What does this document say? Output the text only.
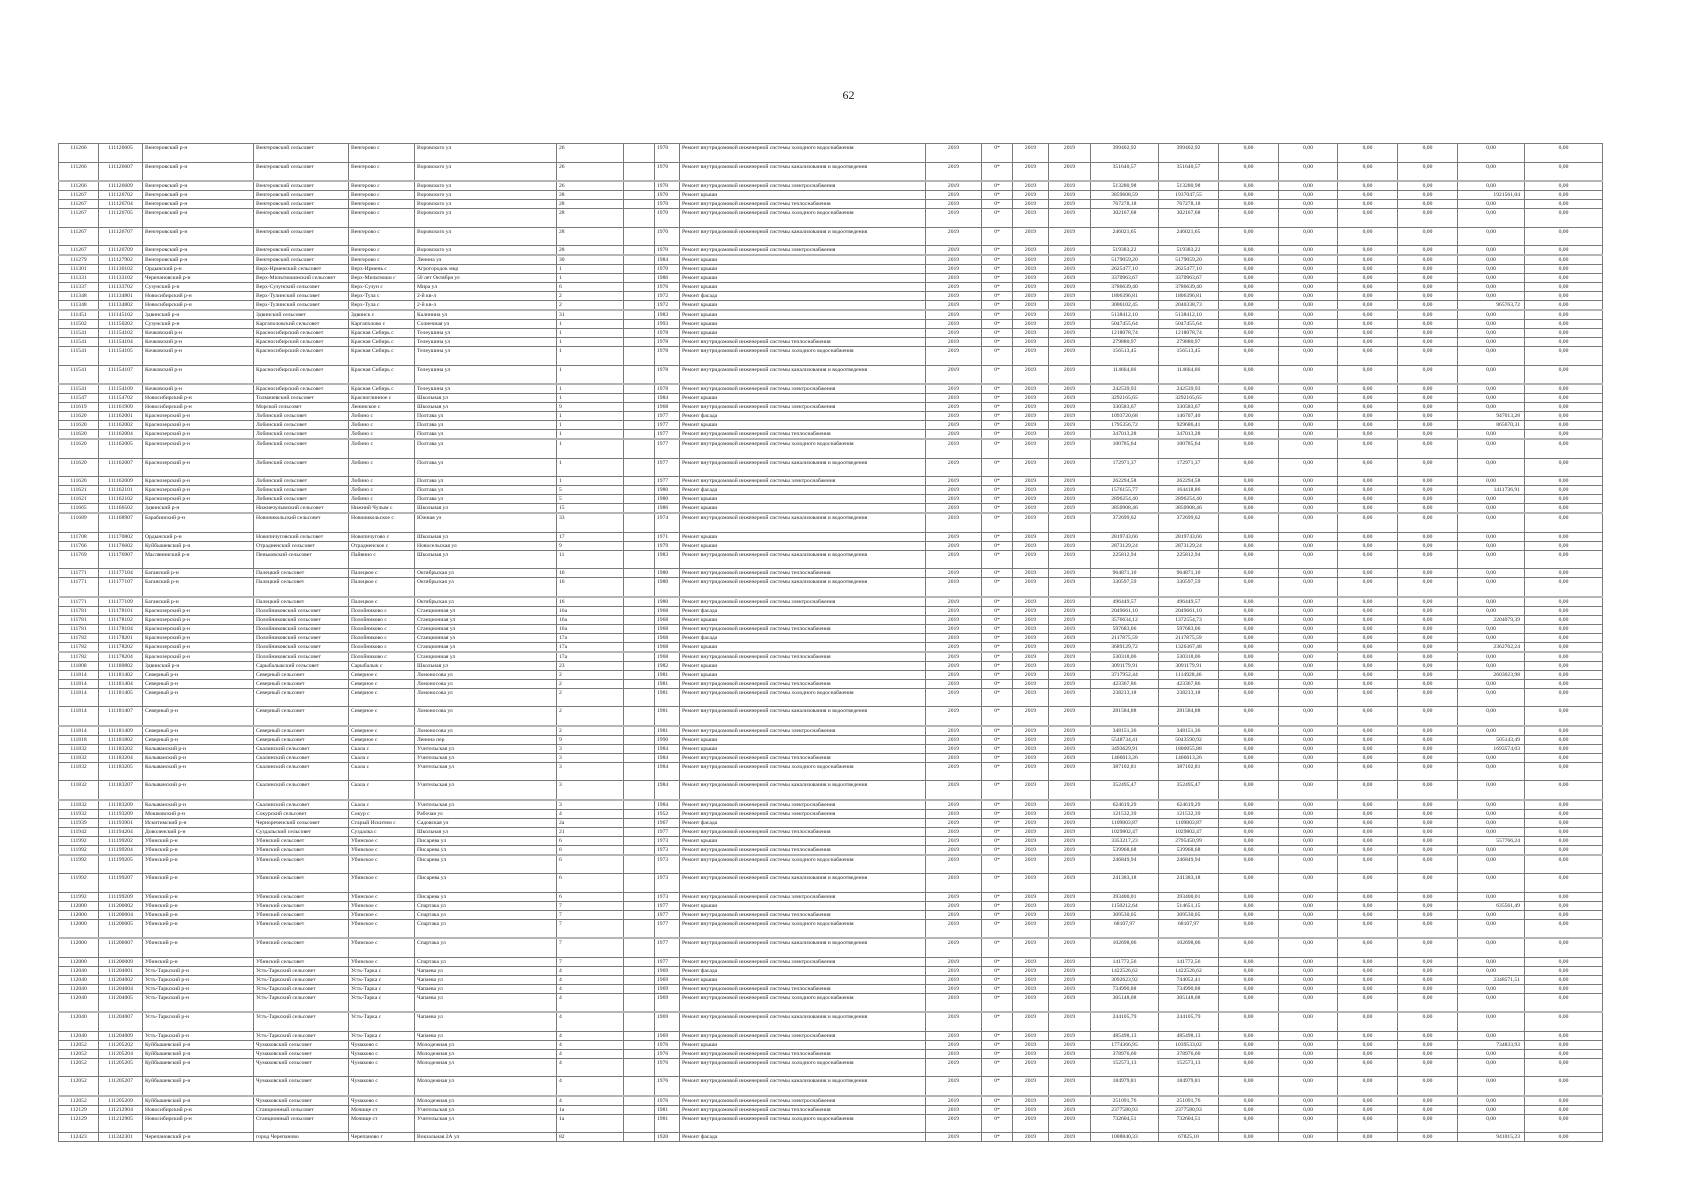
62
111266	111126605	Венгеровский р-н	Венгеровский сельсовет	Венгерово с	Воровского ул	26		1970	Ремонт внутридомовой инженерной системы холодного водоснабжения	2019	0*	2019	2019	399402,92	399402,92	0,00	0,00	0,00	0,00	0,00	0,00
111266	111126607	Венгеровский р-н	Венгеровский сельсовет	Венгерово с	Воровского ул	26		1970	Ремонт внутридомовой инженерной системы канализования и водоотведения	2019	0*	2019	2019	351640,57	351640,57	0,00	0,00	0,00	0,00	0,00	0,00
111266	111126609	Венгеровский р-н	Венгеровский сельсовет	Венгерово с	Воровского ул	26		1970	Ремонт внутридомовой инженерной системы электроснабжения	2019	0*	2019	2019	513280,98	513280,98	0,00	0,00	0,00	0,00	0,00	0,00
111267	111126702	Венгеровский р-н	Венгеровский сельсовет	Венгерово с	Воровского ул	28		1970	Ремонт крыши	2019	0*	2019	2019	3859608,59	1937047,55	0,00	0,00	0,00	0,00	1921561,04	0,00
111267	111126704	Венгеровский р-н	Венгеровский сельсовет	Венгерово с	Воровского ул	28		1970	Ремонт внутридомовой инженерной системы теплоснабжения	2019	0*	2019	2019	767278,18	767278,18	0,00	0,00	0,00	0,00	0,00	0,00
111267	111126705	Венгеровский р-н	Венгеровский сельсовет	Венгерово с	Воровского ул	28		1970	Ремонт внутридомовой инженерной системы холодного водоснабжения	2019	0*	2019	2019	302167,68	302167,68	0,00	0,00	0,00	0,00	0,00	0,00
111267	111126707	Венгеровский р-н	Венгеровский сельсовет	Венгерово с	Воровского ул	28		1970	Ремонт внутридомовой инженерной системы канализования и водоотведения	2019	0*	2019	2019	246021,65	246021,65	0,00	0,00	0,00	0,00	0,00	0,00
111267	111126709	Венгеровский р-н	Венгеровский сельсовет	Венгерово с	Воровского ул	28		1970	Ремонт внутридомовой инженерной системы электроснабжения	2019	0*	2019	2019	519383,22	519383,22	0,00	0,00	0,00	0,00	0,00	0,00
111279	111127902	Венгеровский р-н	Венгеровский сельсовет	Венгерово с	Ленина ул	30		1984	Ремонт крыши	2019	0*	2019	2019	5179059,20	5179059,20	0,00	0,00	0,00	0,00	0,00	0,00
111301	111130102	Ордынский р-н	Верх-Ирменский сельсовет	Верх-Ирмень с	Агрогородок мкр	1		1970	Ремонт крыши	2019	0*	2019	2019	2625477,10	2625477,10	0,00	0,00	0,00	0,00	0,00	0,00
111331	111133102	Черепановский р-н	Верх-Мильтюшинский сельсовет	Верх-Мильтюши с	50 лет Октября ул	1		1986	Ремонт крыши	2019	0*	2019	2019	3370963,67	3370963,67	0,00	0,00	0,00	0,00	0,00	0,00
111337	111133702	Сузунский р-н	Верх-Сузунский сельсовет	Верх-Сузун с	Мира ул	6		1976	Ремонт крыши	2019	0*	2019	2019	3786639,40	3786639,40	0,00	0,00	0,00	0,00	0,00	0,00
111348	111134801	Новосибирский р-н	Верх-Тулинский сельсовет	Верх-Тула с	2-й кв-л	2		1972	Ремонт фасада	2019	0*	2019	2019	1806396,81	1806396,81	0,00	0,00	0,00	0,00	0,00	0,00
111348	111134802	Новосибирский р-н	Верх-Тулинский сельсовет	Верх-Тула с	2-й кв-л	2		1972	Ремонт крыши	2019	0*	2019	2019	3006102,45	2040338,73	0,00	0,00	0,00	0,00	965763,72	0,00
111451	111145102	Здвинский р-н	Здвинский сельсовет	Здвинск с	Калинина ул	31		1983	Ремонт крыши	2019	0*	2019	2019	5138412,10	5138412,10	0,00	0,00	0,00	0,00	0,00	0,00
111502	111150202	Сузунский р-н	Каргаполовский сельсовет	Каргаполово с	Солнечная ул	1		1993	Ремонт крыши	2019	0*	2019	2019	5047455,64	5047455,64	0,00	0,00	0,00	0,00	0,00	0,00
111541	111154102	Кочковский р-н	Красносибирский сельсовет	Красная Сибирь с	Телеушина ул	1		1978	Ремонт крыши	2019	0*	2019	2019	1218078,74	1218078,74	0,00	0,00	0,00	0,00	0,00	0,00
111541	111154104	Кочковский р-н	Красносибирский сельсовет	Красная Сибирь с	Телеушина ул	1		1978	Ремонт внутридомовой инженерной системы теплоснабжения	2019	0*	2019	2019	279880,97	279880,97	0,00	0,00	0,00	0,00	0,00	0,00
111541	111154105	Кочковский р-н	Красносибирский сельсовет	Красная Сибирь с	Телеушина ул	1		1978	Ремонт внутридомовой инженерной системы холодного водоснабжения	2019	0*	2019	2019	156513,45	156513,45	0,00	0,00	0,00	0,00	0,00	0,00
111541	111154107	Кочковский р-н	Красносибирский сельсовет	Красная Сибирь с	Телеушина ул	1		1978	Ремонт внутридомовой инженерной системы канализования и водоотведения	2019	0*	2019	2019	114664,66	114664,66	0,00	0,00	0,00	0,00	0,00	0,00
111541	111154109	Кочковский р-н	Красносибирский сельсовет	Красная Сибирь с	Телеушина ул	1		1978	Ремонт внутридомовой инженерной системы электроснабжения	2019	0*	2019	2019	242539,93	242539,93	0,00	0,00	0,00	0,00	0,00	0,00
111547	111154702	Новосибирский р-н	Толмачевский сельсовет	Красноглинное с	Школьная ул	1		1984	Ремонт крыши	2019	0*	2019	2019	3292165,65	3292165,65	0,00	0,00	0,00	0,00	0,00	0,00
111619	111161909	Новосибирский р-н	Морской сельсовет	Ленинское с	Школьная ул	9		1968	Ремонт внутридомовой инженерной системы электроснабжения	2019	0*	2019	2019	330583,67	330583,67	0,00	0,00	0,00	0,00	0,00	0,00
111620	111162001	Краснозерский р-н	Лобинский сельсовет	Лобино с	Полтава ул	1		1977	Ремонт фасада	2019	0*	2019	2019	1093720,68	146707,40	0,00	0,00	0,00	0,00	947013,28	0,00
111620	111162002	Краснозерский р-н	Лобинский сельсовет	Лобино с	Полтава ул	1		1977	Ремонт крыши	2019	0*	2019	2019	1795356,72	929686,41	0,00	0,00	0,00	0,00	865670,31	0,00
111620	111162004	Краснозерский р-н	Лобинский сельсовет	Лобино с	Полтава ул	1		1977	Ремонт внутридомовой инженерной системы теплоснабжения	2019	0*	2019	2019	347013,28	347013,28	0,00	0,00	0,00	0,00	0,00	0,00
111620	111162005	Краснозерский р-н	Лобинский сельсовет	Лобино с	Полтава ул	1		1977	Ремонт внутридомовой инженерной системы холодного водоснабжения	2019	0*	2019	2019	100785,64	100785,64	0,00	0,00	0,00	0,00	0,00	0,00
111620	111162007	Краснозерский р-н	Лобинский сельсовет	Лобино с	Полтава ул	1		1977	Ремонт внутридомовой инженерной системы канализования и водоотведения	2019	0*	2019	2019	172971,37	172971,37	0,00	0,00	0,00	0,00	0,00	0,00
111620	111162009	Краснозерский р-н	Лобинский сельсовет	Лобино с	Полтава ул	1		1977	Ремонт внутридомовой инженерной системы электроснабжения	2019	0*	2019	2019	262294,58	262294,58	0,00	0,00	0,00	0,00	0,00	0,00
111621	111162101	Краснозерский р-н	Лобинский сельсовет	Лобино с	Полтава ул	5		1980	Ремонт фасада	2019	0*	2019	2019	1576155,77	164418,86	0,00	0,00	0,00	0,00	1411736,91	0,00
111621	111162102	Краснозерский р-н	Лобинский сельсовет	Лобино с	Полтава ул	5		1980	Ремонт крыши	2019	0*	2019	2019	2896254,40	2896254,40	0,00	0,00	0,00	0,00	0,00	0,00
111665	111166502	Здвинский р-н	Нижнечулымский сельсовет	Нижний Чулым с	Школьная ул	15		1986	Ремонт крыши	2019	0*	2019	2019	3850908,46	3850908,46	0,00	0,00	0,00	0,00	0,00	0,00
111689	111168907	Барабинский р-н	Новоникольский сельсовет	Новоникольское с	Южная ул	33		1974	Ремонт внутридомовой инженерной системы канализования и водоотведения	2019	0*	2019	2019	372699,62	372699,62	0,00	0,00	0,00	0,00	0,00	0,00
111708	111170802	Ордынский р-н	Новопичуговский сельсовет	Новопичугово с	Школьная ул	17		1971	Ремонт крыши	2019	0*	2019	2019	2819743,60	2819743,60	0,00	0,00	0,00	0,00	0,00	0,00
111766	111176602	Куйбышевский р-н	Отрадненский сельсовет	Отрадненское с	Новосельская ул	9		1979	Ремонт крыши	2019	0*	2019	2019	2873129,24	2873129,24	0,00	0,00	0,00	0,00	0,00	0,00
111769	111176907	Маслянинский р-н	Пеньковский сельсовет	Пайвино с	Школьная ул	11		1983	Ремонт внутридомовой инженерной системы канализования и водоотведения	2019	0*	2019	2019	225812,94	225812,94	0,00	0,00	0,00	0,00	0,00	0,00
111771	111177104	Баганский р-н	Палецкий сельсовет	Палецкое с	Октябрьская ул	16		1980	Ремонт внутридомовой инженерной системы теплоснабжения	2019	0*	2019	2019	964871,10	964871,10	0,00	0,00	0,00	0,00	0,00	0,00
111771	111177107	Баганский р-н	Палецкий сельсовет	Палецкое с	Октябрьская ул	16		1980	Ремонт внутридомовой инженерной системы канализования и водоотведения	2019	0*	2019	2019	330597,59	330597,59	0,00	0,00	0,00	0,00	0,00	0,00
111771	111177109	Баганский р-н	Палецкий сельсовет	Палецкое с	Октябрьская ул	16		1980	Ремонт внутридомовой инженерной системы электроснабжения	2019	0*	2019	2019	496449,57	496449,57	0,00	0,00	0,00	0,00	0,00	0,00
111781	111178101	Краснозерский р-н	Полойниковский сельсовет	Полойниково с	Станционная ул	16а		1968	Ремонт фасада	2019	0*	2019	2019	2049661,10	2049661,10	0,00	0,00	0,00	0,00	0,00	0,00
111781	111178102	Краснозерский р-н	Полойниковский сельсовет	Полойниково с	Станционная ул	16а		1968	Ремонт крыши	2019	0*	2019	2019	3576634,12	1372554,73	0,00	0,00	0,00	0,00	2204079,39	0,00
111781	111178104	Краснозерский р-н	Полойниковский сельсовет	Полойниково с	Станционная ул	16а		1968	Ремонт внутридомовой инженерной системы теплоснабжения	2019	0*	2019	2019	597683,66	597683,66	0,00	0,00	0,00	0,00	0,00	0,00
111782	111178201	Краснозерский р-н	Полойниковский сельсовет	Полойниково с	Станционная ул	17а		1968	Ремонт фасада	2019	0*	2019	2019	2117875,59	2117875,59	0,00	0,00	0,00	0,00	0,00	0,00
111782	111178202	Краснозерский р-н	Полойниковский сельсовет	Полойниково с	Станционная ул	17а		1968	Ремонт крыши	2019	0*	2019	2019	3689129,72	1326367,48	0,00	0,00	0,00	0,00	2362762,24	0,00
111782	111178204	Краснозерский р-н	Полойниковский сельсовет	Полойниково с	Станционная ул	17а		1968	Ремонт внутридомовой инженерной системы теплоснабжения	2019	0*	2019	2019	530318,06	530318,06	0,00	0,00	0,00	0,00	0,00	0,00
111808	111180802	Здвинский р-н	Сарыбалыкский сельсовет	Сарыбалык с	Школьная ул	23		1982	Ремонт крыши	2019	0*	2019	2019	3091179,91	3091179,91	0,00	0,00	0,00	0,00	0,00	0,00
111814	111181402	Северный р-н	Северный сельсовет	Северное с	Ломоносова ул	2		1981	Ремонт крыши	2019	0*	2019	2019	3717952,44	1114928,46	0,00	0,00	0,00	0,00	2603023,98	0,00
111814	111181404	Северный р-н	Северный сельсовет	Северное с	Ломоносова ул	2		1981	Ремонт внутридомовой инженерной системы теплоснабжения	2019	0*	2019	2019	423367,86	423367,86	0,00	0,00	0,00	0,00	0,00	0,00
111814	111181405	Северный р-н	Северный сельсовет	Северное с	Ломоносова ул	2		1981	Ремонт внутридомовой инженерной системы холодного водоснабжения	2019	0*	2019	2019	238213,18	238213,18	0,00	0,00	0,00	0,00	0,00	0,00
111814	111181407	Северный р-н	Северный сельсовет	Северное с	Ломоносова ул	2		1981	Ремонт внутридомовой инженерной системы канализования и водоотведения	2019	0*	2019	2019	281584,88	281584,88	0,00	0,00	0,00	0,00	0,00	0,00
111814	111181409	Северный р-н	Северный сельсовет	Северное с	Ломоносова ул	2		1981	Ремонт внутридомовой инженерной системы электроснабжения	2019	0*	2019	2019	348151,36	348151,36	0,00	0,00	0,00	0,00	0,00	0,00
111818	111181802	Северный р-н	Северный сельсовет	Северное с	Ленина пер	9		1990	Ремонт крыши	2019	0*	2019	2019	5548734,41	5043590,92	0,00	0,00	0,00	0,00	505143,49	0,00
111832	111183202	Колыванский р-н	Скалинский сельсовет	Скала с	Учительская ул	3		1984	Ремонт крыши	2019	0*	2019	2019	3493629,91	1800055,88	0,00	0,00	0,00	0,00	1693574,03	0,00
111832	111183204	Колыванский р-н	Скалинский сельсовет	Скала с	Учительская ул	3		1984	Ремонт внутридомовой инженерной системы теплоснабжения	2019	0*	2019	2019	1466013,26	1466013,26	0,00	0,00	0,00	0,00	0,00	0,00
111832	111183205	Колыванский р-н	Скалинский сельсовет	Скала с	Учительская ул	3		1984	Ремонт внутридомовой инженерной системы холодного водоснабжения	2019	0*	2019	2019	387102,81	387102,81	0,00	0,00	0,00	0,00	0,00	0,00
111832	111183207	Колыванский р-н	Скалинский сельсовет	Скала с	Учительская ул	3		1984	Ремонт внутридомовой инженерной системы канализования и водоотведения	2019	0*	2019	2019	352495,47	352495,47	0,00	0,00	0,00	0,00	0,00	0,00
111832	111183209	Колыванский р-н	Скалинский сельсовет	Скала с	Учительская ул	3		1984	Ремонт внутридомовой инженерной системы электроснабжения	2019	0*	2019	2019	624619,29	624619,29	0,00	0,00	0,00	0,00	0,00	0,00
111932	111193209	Мошковский р-н	Сокурский сельсовет	Сокур с	Рабочая ул	4		1952	Ремонт внутридомовой инженерной системы электроснабжения	2019	0*	2019	2019	121532,39	121532,39	0,00	0,00	0,00	0,00	0,00	0,00
111939	111193901	Искитимский р-н	Чернореченский сельсовет	Старый Искитим с	Садовская ул	2а		1967	Ремонт фасада	2019	0*	2019	2019	1109803,87	1109803,87	0,00	0,00	0,00	0,00	0,00	0,00
111942	111194204	Доволенский р-н	Суздальский сельсовет	Суздалка с	Школьная ул	21		1977	Ремонт внутридомовой инженерной системы теплоснабжения	2019	0*	2019	2019	1029802,47	1029802,47	0,00	0,00	0,00	0,00	0,00	0,00
111992	111199202	Убинский р-н	Убинский сельсовет	Убинское с	Писарева ул	6		1973	Ремонт крыши	2019	0*	2019	2019	3353217,23	2795450,99	0,00	0,00	0,00	0,00	557766,24	0,00
111992	111199204	Убинский р-н	Убинский сельсовет	Убинское с	Писарева ул	6		1973	Ремонт внутридомовой инженерной системы теплоснабжения	2019	0*	2019	2019	539968,68	539968,68	0,00	0,00	0,00	0,00	0,00	0,00
111992	111199205	Убинский р-н	Убинский сельсовет	Убинское с	Писарева ул	6		1973	Ремонт внутридомовой инженерной системы холодного водоснабжения	2019	0*	2019	2019	246849,94	246849,94	0,00	0,00	0,00	0,00	0,00	0,00
111992	111199207	Убинский р-н	Убинский сельсовет	Убинское с	Писарева ул	6		1973	Ремонт внутридомовой инженерной системы канализования и водоотведения	2019	0*	2019	2019	241383,18	241383,18	0,00	0,00	0,00	0,00	0,00	0,00
111992	111199209	Убинский р-н	Убинский сельсовет	Убинское с	Писарева ул	6		1973	Ремонт внутридомовой инженерной системы электроснабжения	2019	0*	2019	2019	393400,01	393400,01	0,00	0,00	0,00	0,00	0,00	0,00
112000	111200002	Убинский р-н	Убинский сельсовет	Убинское с	Спартака ул	7		1977	Ремонт крыши	2019	0*	2019	2019	1150212,64	514651,15	0,00	0,00	0,00	0,00	635561,49	0,00
112000	111200004	Убинский р-н	Убинский сельсовет	Убинское с	Спартака ул	7		1977	Ремонт внутридомовой инженерной системы теплоснабжения	2019	0*	2019	2019	309530,05	309530,05	0,00	0,00	0,00	0,00	0,00	0,00
112000	111200005	Убинский р-н	Убинский сельсовет	Убинское с	Спартака ул	7		1977	Ремонт внутридомовой инженерной системы холодного водоснабжения	2019	0*	2019	2019	68107,97	68107,97	0,00	0,00	0,00	0,00	0,00	0,00
112000	111200007	Убинский р-н	Убинский сельсовет	Убинское с	Спартака ул	7		1977	Ремонт внутридомовой инженерной системы канализования и водоотведения	2019	0*	2019	2019	102698,06	102698,06	0,00	0,00	0,00	0,00	0,00	0,00
112000	111200009	Убинский р-н	Убинский сельсовет	Убинское с	Спартака ул	7		1977	Ремонт внутридомовой инженерной системы электроснабжения	2019	0*	2019	2019	141772,56	141772,56	0,00	0,00	0,00	0,00	0,00	0,00
112040	111204001	Усть-Таркский р-н	Усть-Таркский сельсовет	Усть-Тарка с	Чапаева ул	4		1969	Ремонт фасада	2019	0*	2019	2019	1422526,62	1422526,62	0,00	0,00	0,00	0,00	0,00	0,00
112040	111204002	Усть-Таркский р-н	Усть-Таркский сельсовет	Усть-Тарка с	Чапаева ул	4		1969	Ремонт крыши	2019	0*	2019	2019	3092623,92	744052,41	0,00	0,00	0,00	0,00	2348571,51	0,00
112040	111204004	Усть-Таркский р-н	Усть-Таркский сельсовет	Усть-Тарка с	Чапаева ул	4		1969	Ремонт внутридомовой инженерной системы теплоснабжения	2019	0*	2019	2019	734990,88	734990,88	0,00	0,00	0,00	0,00	0,00	0,00
112040	111204005	Усть-Таркский р-н	Усть-Таркский сельсовет	Усть-Тарка с	Чапаева ул	4		1969	Ремонт внутридомовой инженерной системы холодного водоснабжения	2019	0*	2019	2019	305148,08	305148,08	0,00	0,00	0,00	0,00	0,00	0,00
112040	111204007	Усть-Таркский р-н	Усть-Таркский сельсовет	Усть-Тарка с	Чапаева ул	4		1969	Ремонт внутридомовой инженерной системы канализования и водоотведения	2019	0*	2019	2019	244105,79	244105,79	0,00	0,00	0,00	0,00	0,00	0,00
112040	111204009	Усть-Таркский р-н	Усть-Таркский сельсовет	Усть-Тарка с	Чапаева ул	4		1969	Ремонт внутридомовой инженерной системы электроснабжения	2019	0*	2019	2019	485498,13	485498,13	0,00	0,00	0,00	0,00	0,00	0,00
112052	111205202	Куйбышевский р-н	Чумаковский сельсовет	Чумаково с	Молодежная ул	4		1976	Ремонт крыши	2019	0*	2019	2019	1774366,95	1039533,02	0,00	0,00	0,00	0,00	734833,93	0,00
112052	111205204	Куйбышевский р-н	Чумаковский сельсовет	Чумаково с	Молодежная ул	4		1976	Ремонт внутридомовой инженерной системы теплоснабжения	2019	0*	2019	2019	378976,60	378976,60	0,00	0,00	0,00	0,00	0,00	0,00
112052	111205205	Куйбышевский р-н	Чумаковский сельсовет	Чумаково с	Молодежная ул	4		1976	Ремонт внутридомовой инженерной системы холодного водоснабжения	2019	0*	2019	2019	152573,13	152573,13	0,00	0,00	0,00	0,00	0,00	0,00
112052	111205207	Куйбышевский р-н	Чумаковский сельсовет	Чумаково с	Молодежная ул	4		1976	Ремонт внутридомовой инженерной системы канализования и водоотведения	2019	0*	2019	2019	184979,81	184979,81	0,00	0,00	0,00	0,00	0,00	0,00
112052	111205209	Куйбышевский р-н	Чумаковский сельсовет	Чумаково с	Молодежная ул	4		1976	Ремонт внутридомовой инженерной системы электроснабжения	2019	0*	2019	2019	251091,76	251091,76	0,00	0,00	0,00	0,00	0,00	0,00
112129	111212904	Новосибирский р-н	Станционный сельсовет	Мочище ст	Учительская ул	1а		1981	Ремонт внутридомовой инженерной системы теплоснабжения	2019	0*	2019	2019	2377580,93	2377580,93	0,00	0,00	0,00	0,00	0,00	0,00
112129	111212905	Новосибирский р-н	Станционный сельсовет	Мочище ст	Учительская ул	1а		1981	Ремонт внутридомовой инженерной системы холодного водоснабжения	2019	0*	2019	2019	732604,51	732604,51	0,00	0,00	0,00	0,00	0,00	0,00
112423	111242301	Черепановский р-н	город Черепаново	Черепаново г	Вокзальная 2А ул	82		1920	Ремонт фасада	2019	0*	2019	2019	1008840,33	67825,10	0,00	0,00	0,00	0,00	941015,23	0,00
